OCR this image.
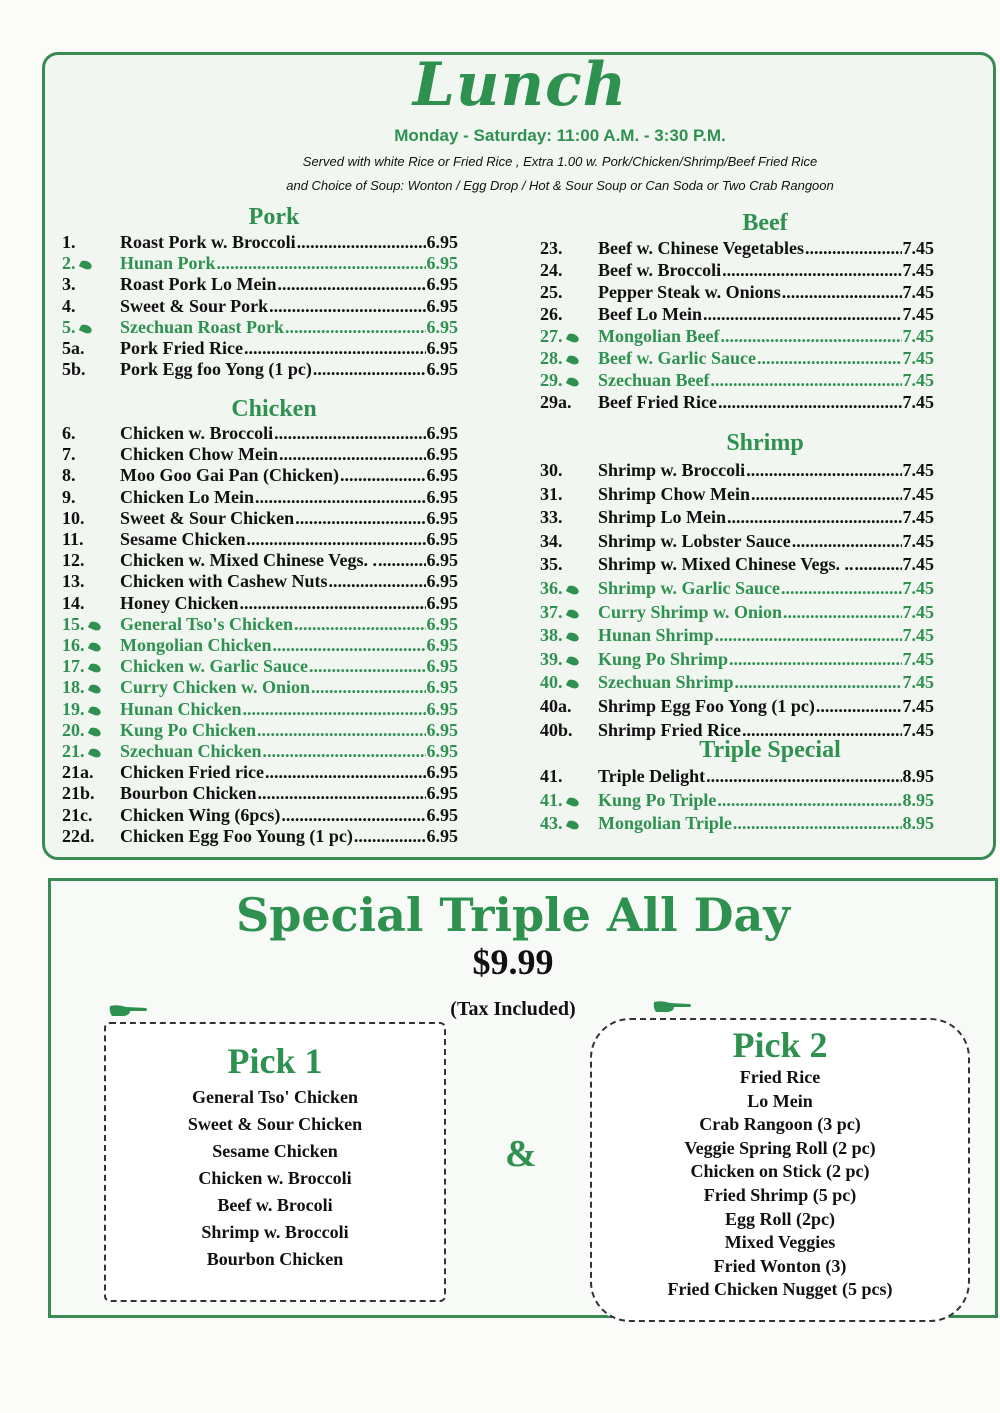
Lunch
Monday - Saturday: 11:00 A.M. - 3:30 P.M.
Served with white Rice or Fried Rice , Extra 1.00 w. Pork/Chicken/Shrimp/Beef Fried Rice
and Choice of Soup: Wonton / Egg Drop / Hot & Sour Soup or Can Soda or Two Crab Rangoon
Pork
Chicken
Beef
Shrimp
Triple Special
1.	Roast Pork w. Broccoli .....	6.95
2.	Hunan Pork .....	6.95
3.	Roast Pork Lo Mein .....	6.95
4.	Sweet & Sour Pork .....	6.95
5.	Szechuan Roast Pork .....	6.95
5a.	Pork Fried Rice .....	6.95
5b.	Pork Egg foo Yong (1 pc) .....	6.95
6.	Chicken w. Broccoli .....	6.95
7.	Chicken Chow Mein .....	6.95
8.	Moo Goo Gai Pan (Chicken) .....	6.95
9.	Chicken Lo Mein .....	6.95
10.	Sweet & Sour Chicken .....	6.95
11.	Sesame Chicken .....	6.95
12.	Chicken w. Mixed Chinese Vegs. . .....	6.95
13.	Chicken with Cashew Nuts .....	6.95
14.	Honey Chicken .....	6.95
15.	General Tso's Chicken .....	6.95
16.	Mongolian Chicken .....	6.95
17.	Chicken w. Garlic Sauce .....	6.95
18.	Curry Chicken w. Onion .....	6.95
19.	Hunan Chicken .....	6.95
20.	Kung Po Chicken .....	6.95
21.	Szechuan Chicken .....	6.95
21a.	Chicken Fried rice .....	6.95
21b.	Bourbon Chicken .....	6.95
21c.	Chicken Wing (6pcs) .....	6.95
22d.	Chicken Egg Foo Young (1 pc) .....	6.95
23.	Beef w. Chinese Vegetables .....	7.45
24.	Beef w. Broccoli .....	7.45
25.	Pepper Steak w. Onions .....	7.45
26.	Beef Lo Mein .....	7.45
27.	Mongolian Beef .....	7.45
28.	Beef w. Garlic Sauce .....	7.45
29.	Szechuan Beef .....	7.45
29a.	Beef Fried Rice .....	7.45
30.	Shrimp w. Broccoli .....	7.45
31.	Shrimp Chow Mein .....	7.45
33.	Shrimp Lo Mein .....	7.45
34.	Shrimp w. Lobster Sauce .....	7.45
35.	Shrimp w. Mixed Chinese Vegs. .. .....	7.45
36.	Shrimp w. Garlic Sauce .....	7.45
37.	Curry Shrimp w. Onion .....	7.45
38.	Hunan Shrimp .....	7.45
39.	Kung Po Shrimp .....	7.45
40.	Szechuan Shrimp .....	7.45
40a.	Shrimp Egg Foo Yong (1 pc) .....	7.45
40b.	Shrimp Fried Rice .....	7.45
41.	Triple Delight .....	8.95
41.	Kung Po Triple .....	8.95
43.	Mongolian Triple .....	8.95
Special Triple All Day
$9.99
(Tax Included)
Pick 1
General Tso' Chicken
Sweet & Sour Chicken
Sesame Chicken
Chicken w. Broccoli
Beef w. Brocoli
Shrimp w. Broccoli
Bourbon Chicken
&
Pick 2
Fried Rice
Lo Mein
Crab Rangoon (3 pc)
Veggie Spring Roll (2 pc)
Chicken on Stick (2 pc)
Fried Shrimp (5 pc)
Egg Roll (2pc)
Mixed Veggies
Fried Wonton (3)
Fried Chicken Nugget (5 pcs)
